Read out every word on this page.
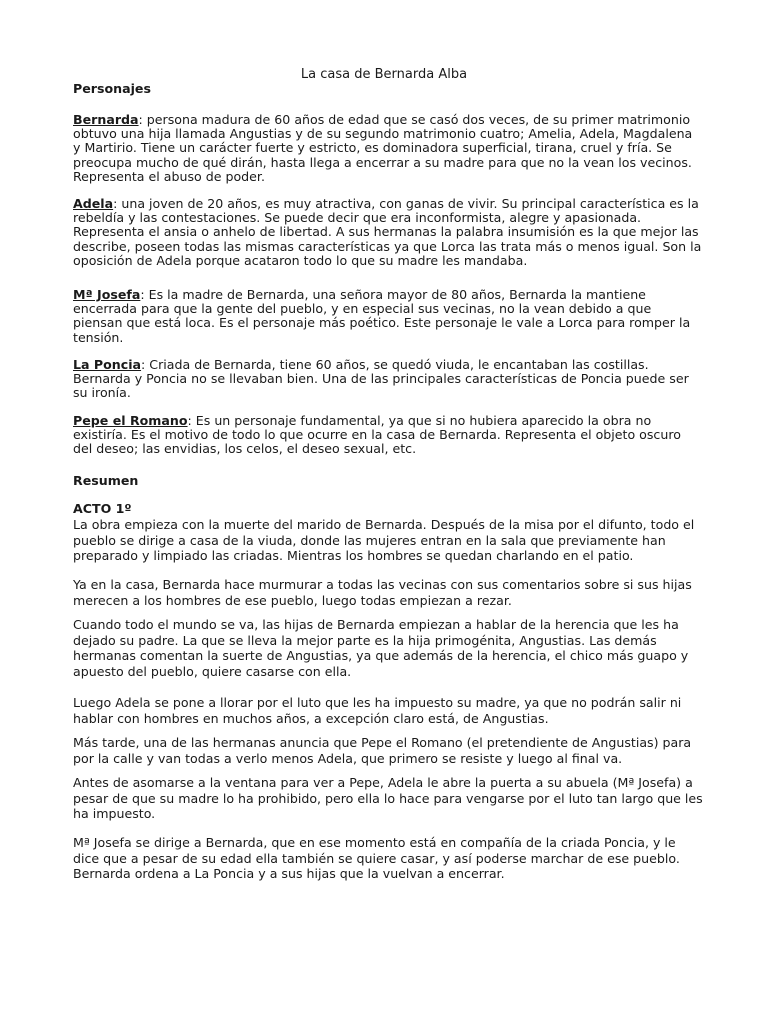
La casa de Bernarda Alba
Personajes

Bernarda: persona madura de 60 años de edad que se casó dos veces, de su primer matrimonio obtuvo una hija llamada Angustias y de su segundo matrimonio cuatro; Amelia, Adela, Magdalena y Martirio. Tiene un carácter fuerte y estricto, es dominadora superficial, tirana, cruel y fría. Se preocupa mucho de qué dirán, hasta llega a encerrar a su madre para que no la vean los vecinos. Representa el abuso de poder.

Adela: una joven de 20 años, es muy atractiva, con ganas de vivir. Su principal característica es la rebeldía y las contestaciones. Se puede decir que era inconformista, alegre y apasionada. Representa el ansia o anhelo de libertad. A sus hermanas la palabra insumisión es la que mejor las describe, poseen todas las mismas características ya que Lorca las trata más o menos igual. Son la oposición de Adela porque acataron todo lo que su madre les mandaba.

Mª Josefa: Es la madre de Bernarda, una señora mayor de 80 años, Bernarda la mantiene encerrada para que la gente del pueblo, y en especial sus vecinas, no la vean debido a que piensan que está loca. Es el personaje más poético. Este personaje le vale a Lorca para romper la tensión.

La Poncia: Criada de Bernarda, tiene 60 años, se quedó viuda, le encantaban las costillas. Bernarda y Poncia no se llevaban bien. Una de las principales características de Poncia puede ser su ironía.

Pepe el Romano: Es un personaje fundamental, ya que si no hubiera aparecido la obra no existiría. Es el motivo de todo lo que ocurre en la casa de Bernarda. Representa el objeto oscuro del deseo; las envidias, los celos, el deseo sexual, etc.

Resumen
ACTO 1º
La obra empieza con la muerte del marido de Bernarda. Después de la misa por el difunto, todo el pueblo se dirige a casa de la viuda, donde las mujeres entran en la sala que previamente han preparado y limpiado las criadas. Mientras los hombres se quedan charlando en el patio.
Ya en la casa, Bernarda hace murmurar a todas las vecinas con sus comentarios sobre si sus hijas merecen a los hombres de ese pueblo, luego todas empiezan a rezar.
Cuando todo el mundo se va, las hijas de Bernarda empiezan a hablar de la herencia que les ha dejado su padre. La que se lleva la mejor parte es la hija primogénita, Angustias. Las demás hermanas comentan la suerte de Angustias, ya que además de la herencia, el chico más guapo y apuesto del pueblo, quiere casarse con ella.
Luego Adela se pone a llorar por el luto que les ha impuesto su madre, ya que no podrán salir ni hablar con hombres en muchos años, a excepción claro está, de Angustias.
Más tarde, una de las hermanas anuncia que Pepe el Romano (el pretendiente de Angustias) para por la calle y van todas a verlo menos Adela, que primero se resiste y luego al final va.
Antes de asomarse a la ventana para ver a Pepe, Adela le abre la puerta a su abuela (Mª Josefa) a pesar de que su madre lo ha prohibido, pero ella lo hace para vengarse por el luto tan largo que les ha impuesto.
Mª Josefa se dirige a Bernarda, que en ese momento está en compañía de la criada Poncia, y le dice que a pesar de su edad ella también se quiere casar, y así poderse marchar de ese pueblo. Bernarda ordena a La Poncia y a sus hijas que la vuelvan a encerrar.
